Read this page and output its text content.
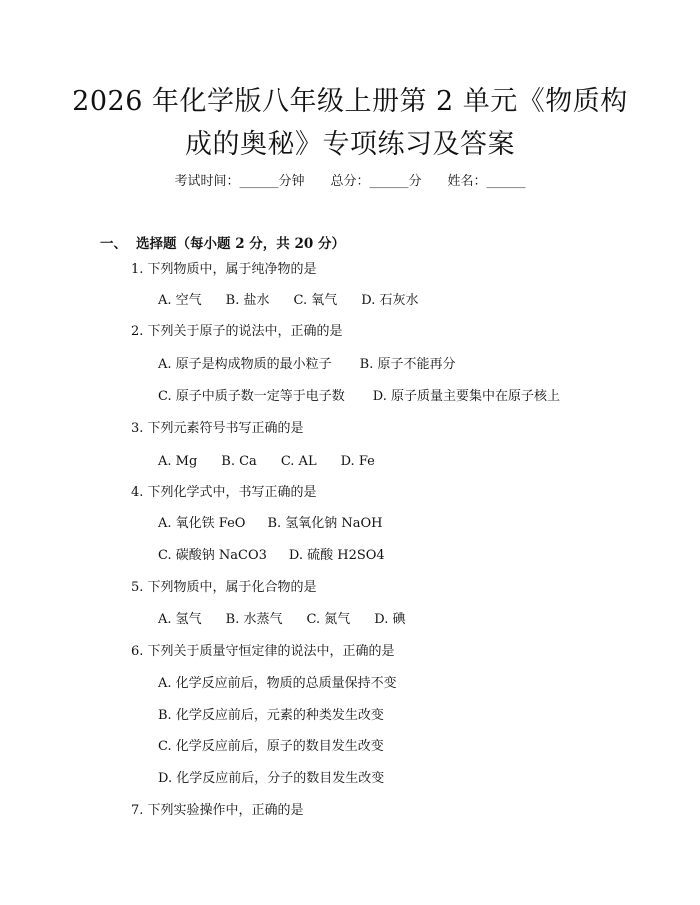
2026 年化学版八年级上册第 2 单元《物质构
成的奥秘》专项练习及答案
考试时间：______分钟 总分：______分 姓名：______
一、 选择题（每小题 2 分，共 20 分）
1. 下列物质中，属于纯净物的是
A. 空气 B. 盐水 C. 氧气 D. 石灰水
2. 下列关于原子的说法中，正确的是
A. 原子是构成物质的最小粒子 B. 原子不能再分
C. 原子中质子数一定等于电子数 D. 原子质量主要集中在原子核上
3. 下列元素符号书写正确的是
A. Mg B. Ca C. AL D. Fe
4. 下列化学式中，书写正确的是
A. 氧化铁 FeO B. 氢氧化钠 NaOH
C. 碳酸钠 NaCO3 D. 硫酸 H2SO4
5. 下列物质中，属于化合物的是
A. 氢气 B. 水蒸气 C. 氮气 D. 碘
6. 下列关于质量守恒定律的说法中，正确的是
A. 化学反应前后，物质的总质量保持不变
B. 化学反应前后，元素的种类发生改变
C. 化学反应前后，原子的数目发生改变
D. 化学反应前后，分子的数目发生改变
7. 下列实验操作中，正确的是
